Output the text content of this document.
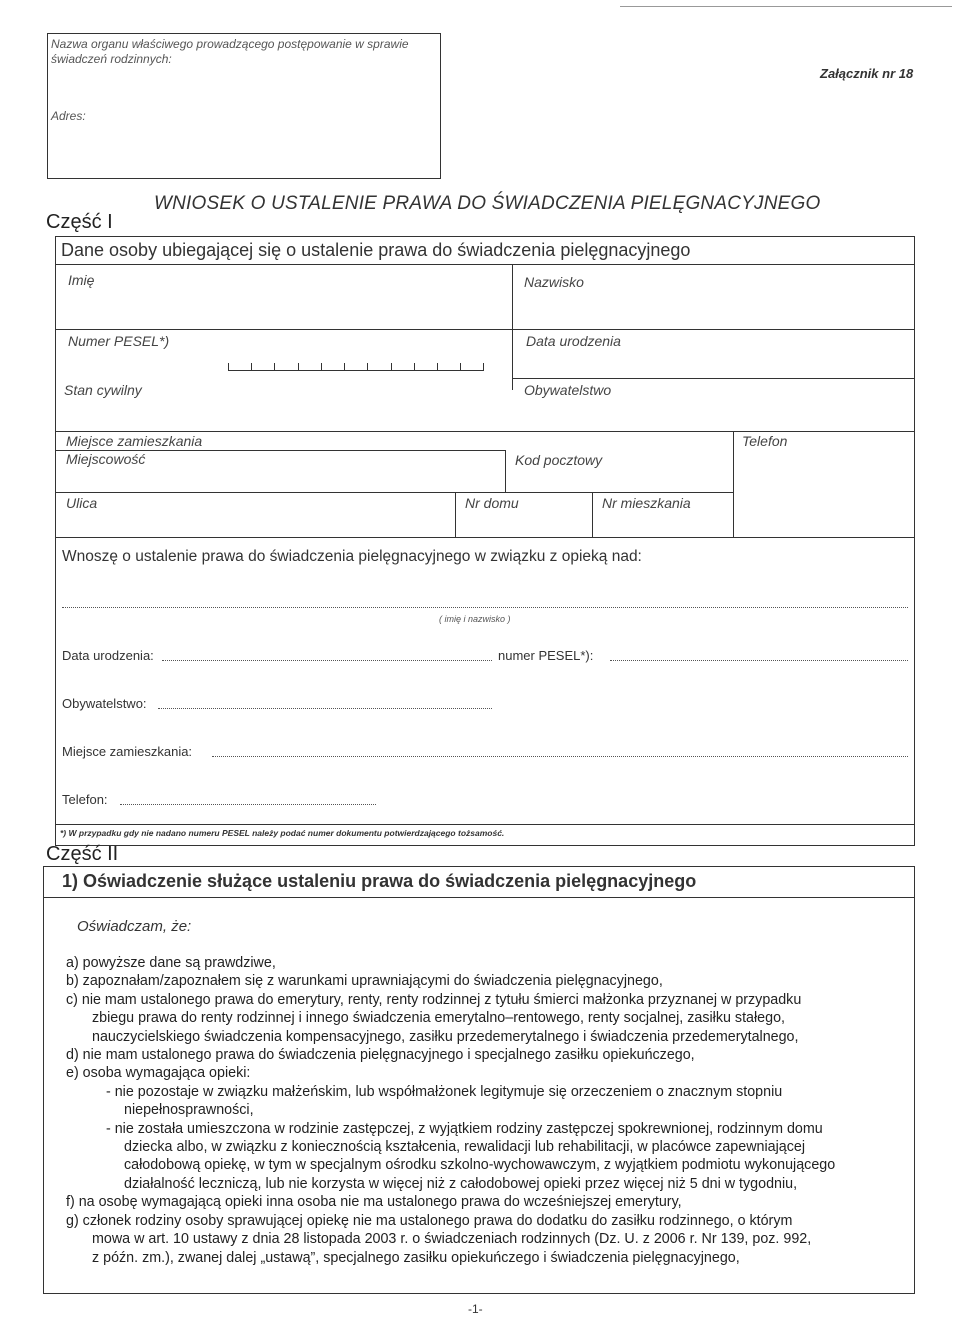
Nazwa organu właściwego prowadzącego postępowanie w sprawie świadczeń rodzinnych:
Adres:
Załącznik nr 18
WNIOSEK O USTALENIE PRAWA DO ŚWIADCZENIA PIELĘGNACYJNEGO
Część I
Dane osoby ubiegającej się o ustalenie prawa do świadczenia pielęgnacyjnego
Imię	Nazwisko
Numer PESEL*)	Data urodzenia
Stan cywilny	Obywatelstwo
Miejsce zamieszkania
Miejscowość	Kod pocztowy
Telefon
Ulica	Nr domu	Nr mieszkania
Wnoszę o ustalenie prawa do świadczenia pielęgnacyjnego w związku z opieką nad:
( imię i nazwisko )
Data urodzenia:	numer PESEL*):
Obywatelstwo:
Miejsce zamieszkania:
Telefon:
*) W przypadku gdy nie nadano numeru PESEL należy podać numer dokumentu potwierdzającego tożsamość.
Część II
1) Oświadczenie służące ustaleniu prawa do świadczenia pielęgnacyjnego
Oświadczam, że:
a) powyższe dane są prawdziwe,
b) zapoznałam/zapoznałem się z warunkami uprawniającymi do świadczenia pielęgnacyjnego,
c) nie mam ustalonego prawa do emerytury, renty, renty rodzinnej z tytułu śmierci małżonka przyznanej w przypadku
zbiegu prawa do renty rodzinnej i innego świadczenia emerytalno–rentowego, renty socjalnej, zasiłku stałego,
nauczycielskiego świadczenia kompensacyjnego, zasiłku przedemerytalnego i świadczenia przedemerytalnego,
d) nie mam ustalonego prawa do świadczenia pielęgnacyjnego i specjalnego zasiłku opiekuńczego,
e) osoba wymagająca opieki:
- nie pozostaje w związku małżeńskim, lub współmałżonek legitymuje się orzeczeniem o znacznym stopniu
niepełnosprawności,
- nie została umieszczona w rodzinie zastępczej, z wyjątkiem rodziny zastępczej spokrewnionej, rodzinnym domu
dziecka albo, w związku z koniecznością kształcenia, rewalidacji lub rehabilitacji, w placówce zapewniającej
całodobową opiekę, w tym w specjalnym ośrodku szkolno-wychowawczym, z wyjątkiem podmiotu wykonującego
działalność leczniczą, lub nie korzysta w więcej niż z całodobowej opieki przez więcej niż 5 dni w tygodniu,
f) na osobę wymagającą opieki inna osoba nie ma ustalonego prawa do wcześniejszej emerytury,
g) członek rodziny osoby sprawującej opiekę nie ma ustalonego prawa do dodatku do zasiłku rodzinnego, o którym
mowa w art. 10 ustawy z dnia 28 listopada 2003 r. o świadczeniach rodzinnych (Dz. U. z 2006 r. Nr 139, poz. 992,
z późn. zm.), zwanej dalej „ustawą”, specjalnego zasiłku opiekuńczego i świadczenia pielęgnacyjnego,
-1-
